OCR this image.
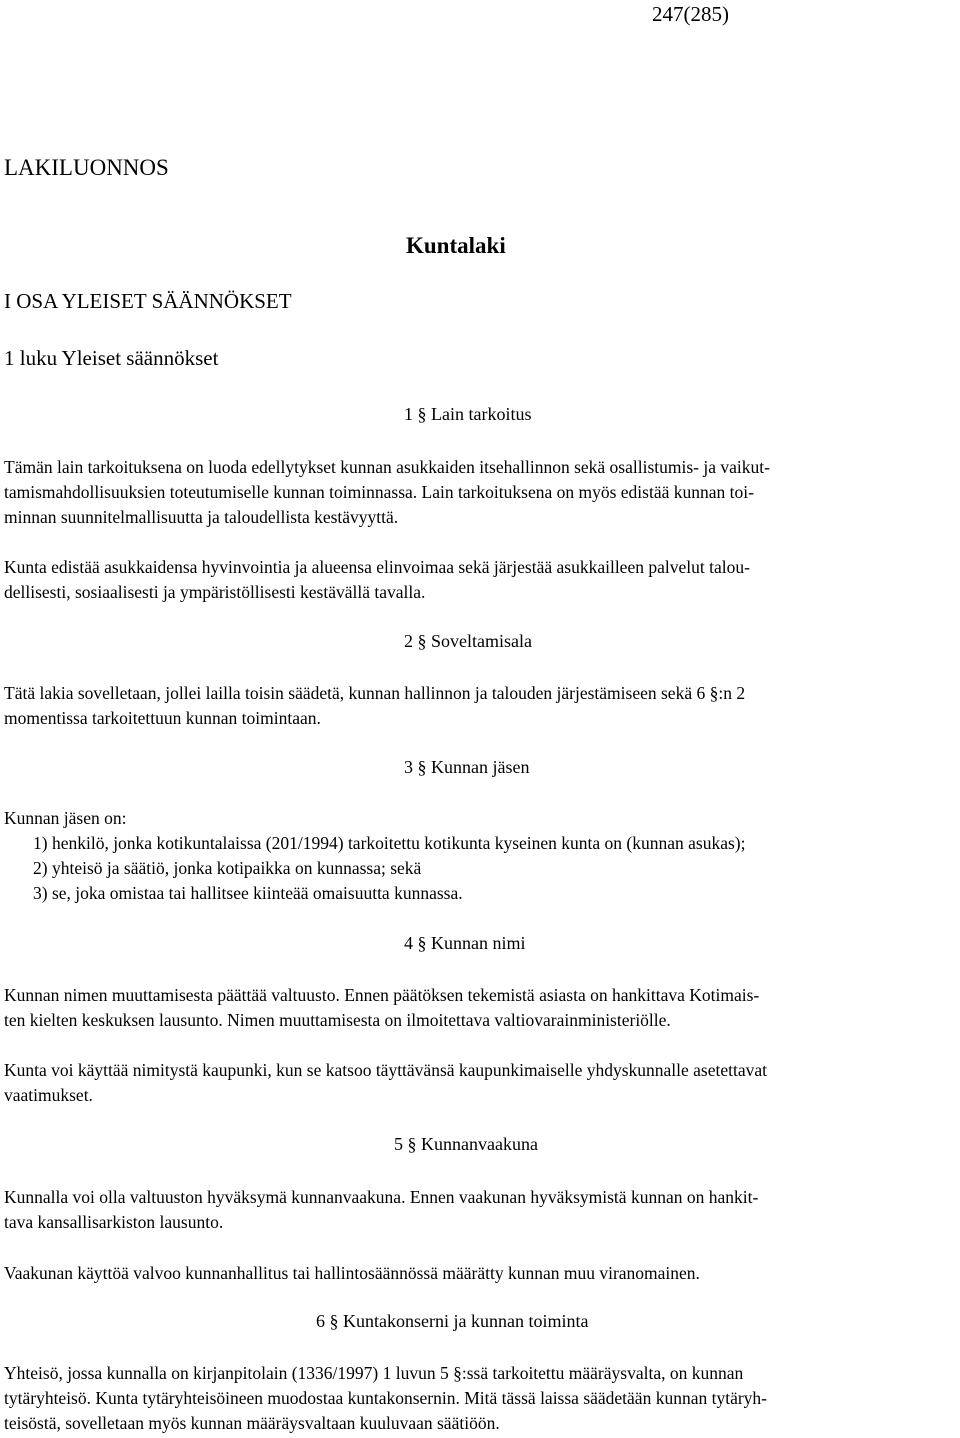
247(285)
LAKILUONNOS
Kuntalaki
I OSA YLEISET SÄÄNNÖKSET
1 luku Yleiset säännökset
1 § Lain tarkoitus
Tämän lain tarkoituksena on luoda edellytykset kunnan asukkaiden itsehallinnon sekä osallistumis- ja vaikut-
tamismahdollisuuksien toteutumiselle kunnan toiminnassa. Lain tarkoituksena on myös edistää kunnan toi-
minnan suunnitelmallisuutta ja taloudellista kestävyyttä.
Kunta edistää asukkaidensa hyvinvointia ja alueensa elinvoimaa sekä järjestää asukkailleen palvelut talou-
dellisesti, sosiaalisesti ja ympäristöllisesti kestävällä tavalla.
2 § Soveltamisala
Tätä lakia sovelletaan, jollei lailla toisin säädetä, kunnan hallinnon ja talouden järjestämiseen sekä 6 §:n 2
momentissa tarkoitettuun kunnan toimintaan.
3 § Kunnan jäsen
Kunnan jäsen on:
1) henkilö, jonka kotikuntalaissa (201/1994) tarkoitettu kotikunta kyseinen kunta on (kunnan asukas);
2) yhteisö ja säätiö, jonka kotipaikka on kunnassa; sekä
3) se, joka omistaa tai hallitsee kiinteää omaisuutta kunnassa.
4 § Kunnan nimi
Kunnan nimen muuttamisesta päättää valtuusto. Ennen päätöksen tekemistä asiasta on hankittava Kotimais-
ten kielten keskuksen lausunto. Nimen muuttamisesta on ilmoitettava valtiovarainministeriölle.
Kunta voi käyttää nimitystä kaupunki, kun se katsoo täyttävänsä kaupunkimaiselle yhdyskunnalle asetettavat
vaatimukset.
5 § Kunnanvaakuna
Kunnalla voi olla valtuuston hyväksymä kunnanvaakuna. Ennen vaakunan hyväksymistä kunnan on hankit-
tava kansallisarkiston lausunto.
Vaakunan käyttöä valvoo kunnanhallitus tai hallintosäännössä määrätty kunnan muu viranomainen.
6 § Kuntakonserni ja kunnan toiminta
Yhteisö, jossa kunnalla on kirjanpitolain (1336/1997) 1 luvun 5 §:ssä tarkoitettu määräysvalta, on kunnan
tytäryhteisö. Kunta tytäryhteisöineen muodostaa kuntakonsernin. Mitä tässä laissa säädetään kunnan tytäryh-
teisöstä, sovelletaan myös kunnan määräysvaltaan kuuluvaan säätiöön.
